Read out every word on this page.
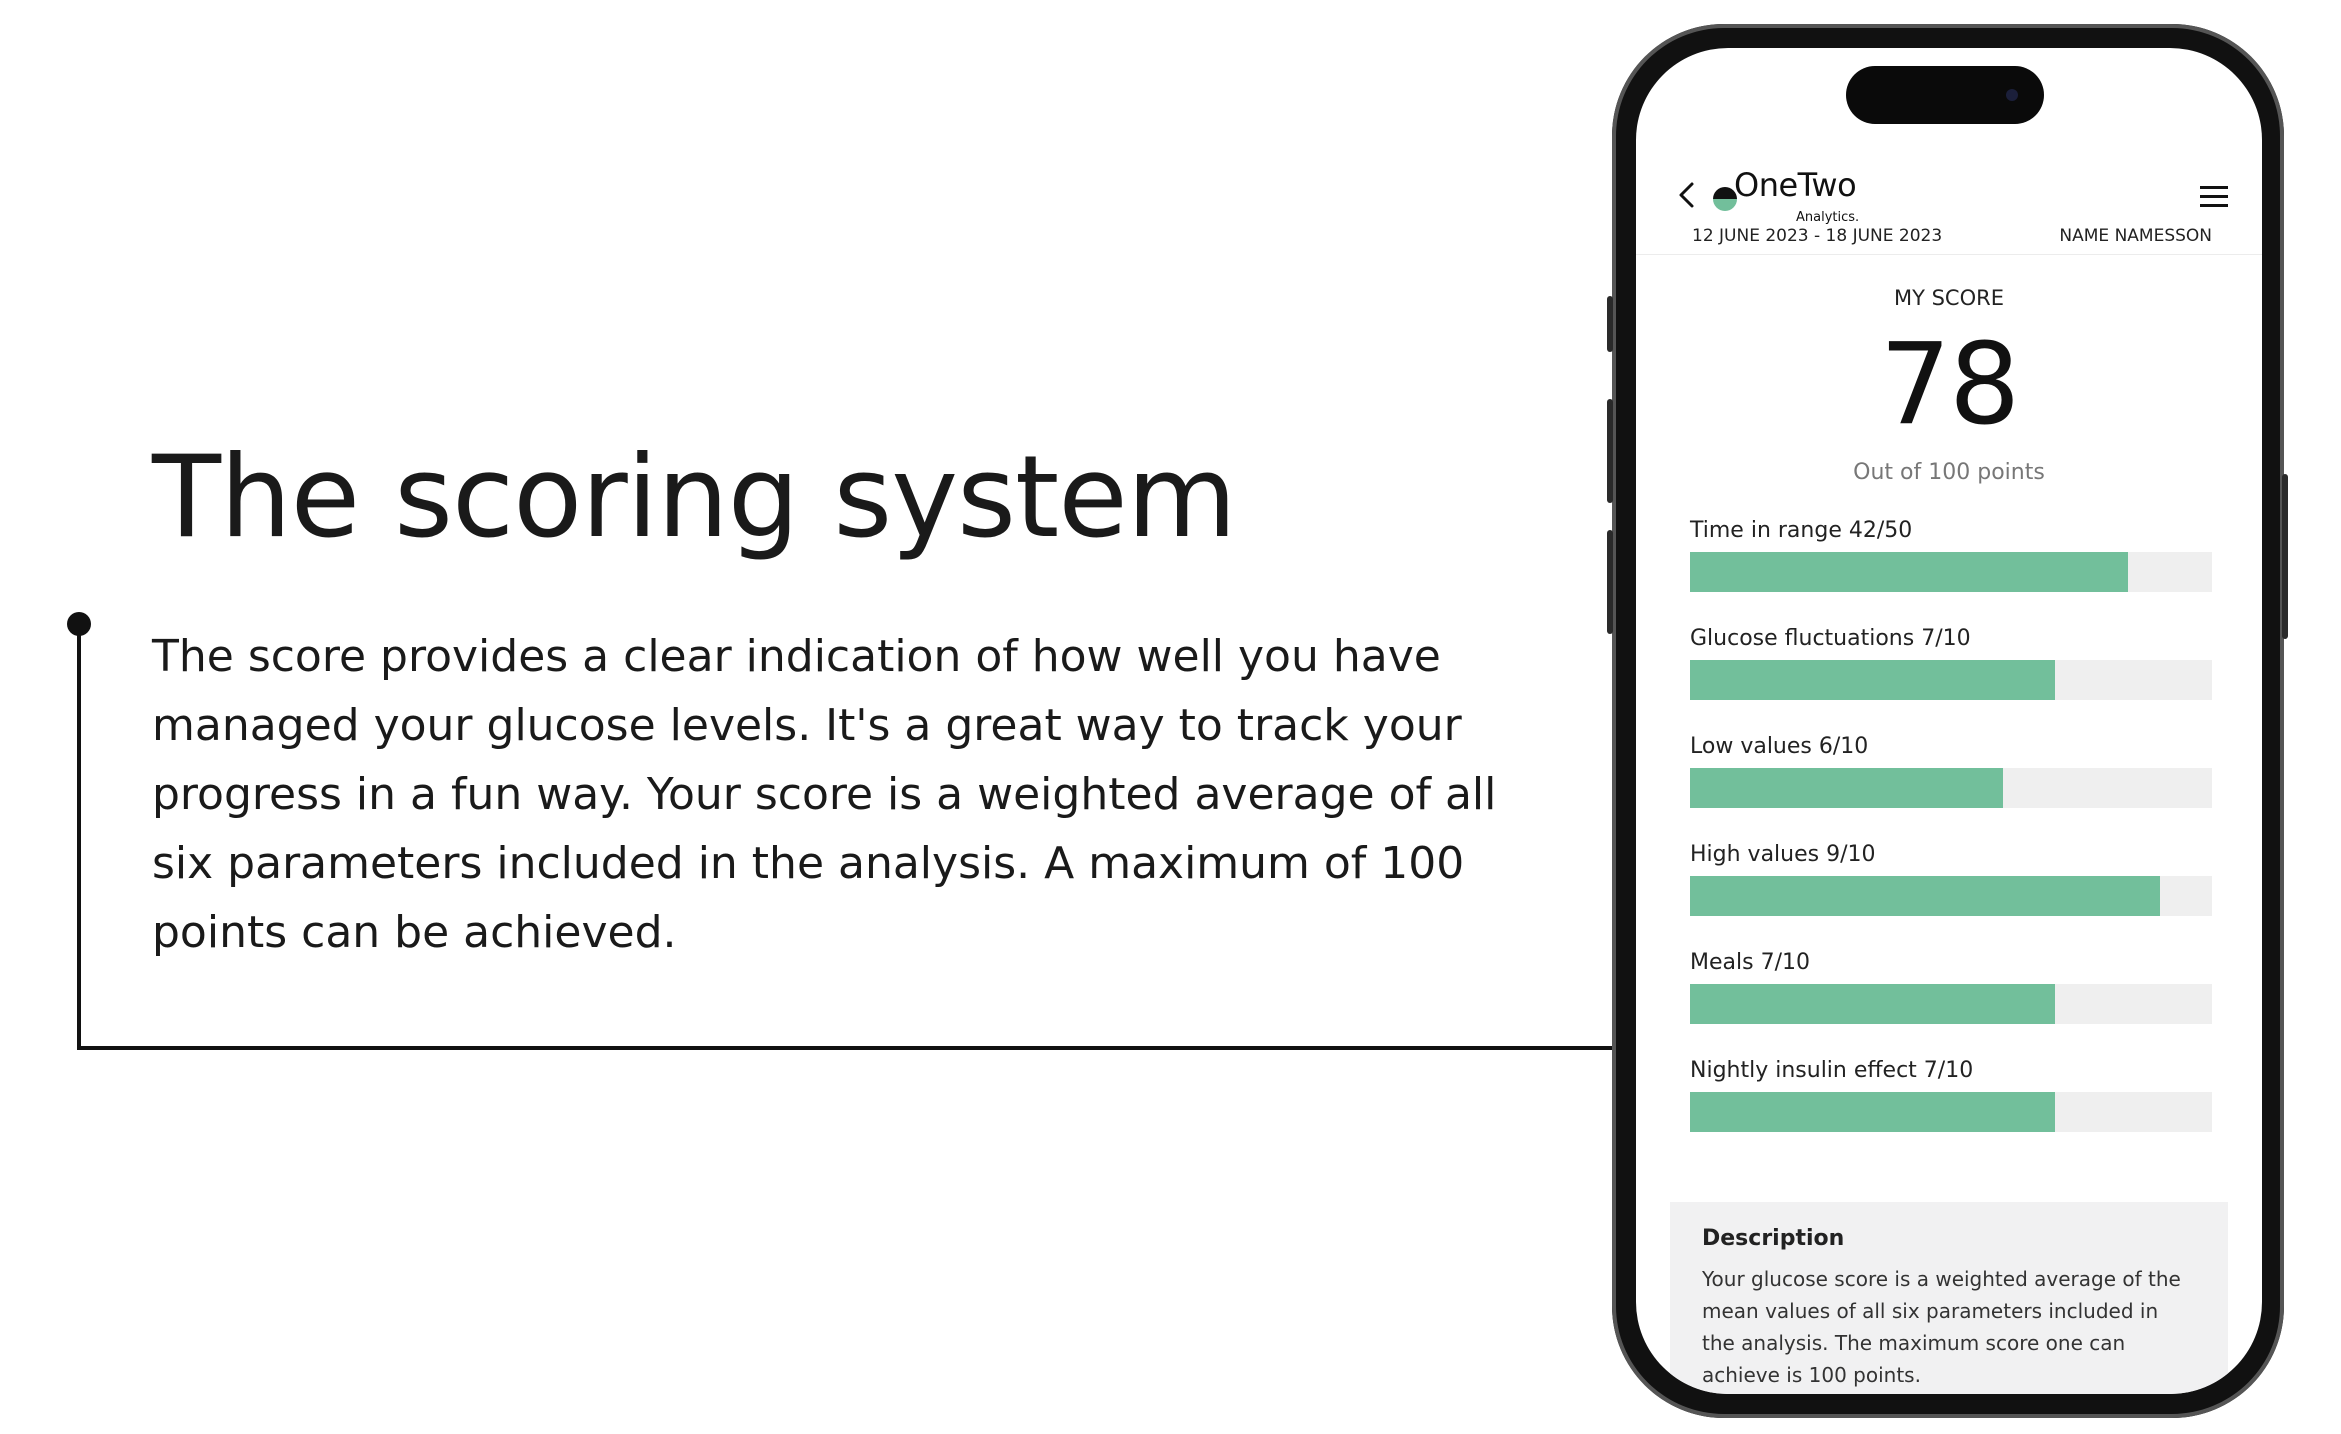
The scoring system

The score provides a clear indication of how well you have managed your glucose levels. It's a great way to track your progress in a fun way. Your score is a weighted average of all six parameters included in the analysis. A maximum of 100 points can be achieved.

OneTwo
Analytics.
12 JUNE 2023 - 18 JUNE 2023	NAME NAMESSON
MY SCORE
78
Out of 100 points
Time in range 42/50
Glucose fluctuations 7/10
Low values 6/10
High values 9/10
Meals 7/10
Nightly insulin effect 7/10
Description
Your glucose score is a weighted average of the mean values of all six parameters included in the analysis. The maximum score one can achieve is 100 points.
